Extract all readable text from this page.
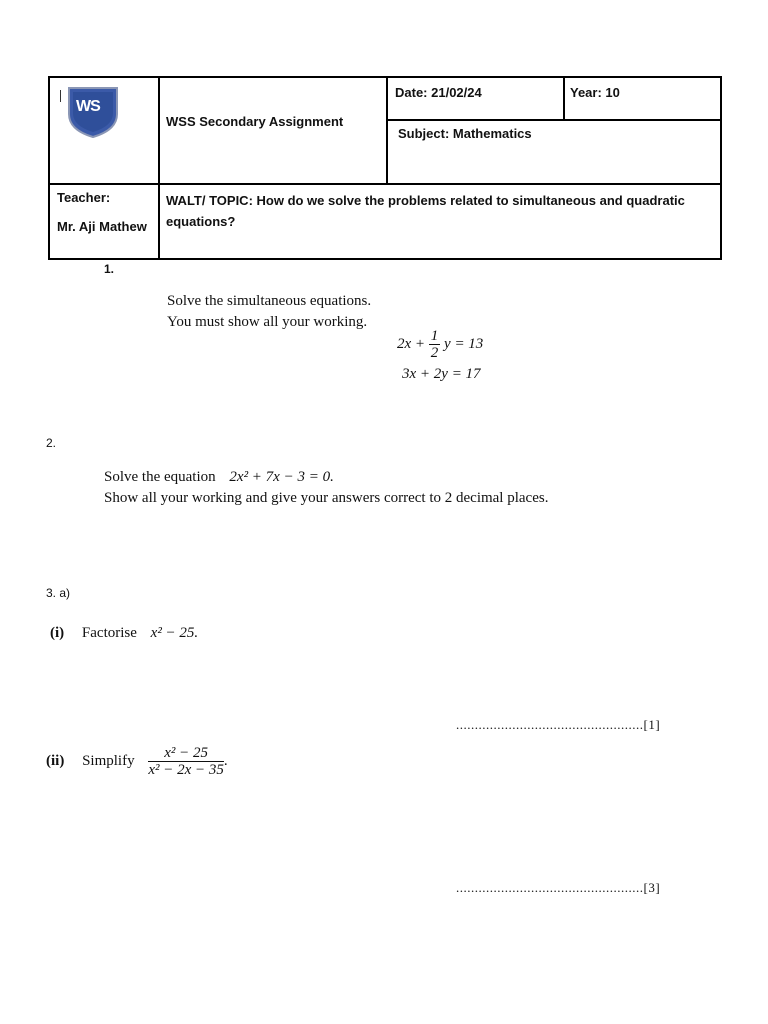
WS
WSS Secondary Assignment
Date: 21/02/24	Year: 10
Subject: Mathematics
Teacher:
Mr. Aji Mathew
WALT/ TOPIC: How do we solve the problems related to simultaneous and quadratic equations?
1.
Solve the simultaneous equations.
You must show all your working.
$2x + \frac{1}{2}$ y = 13
3x + 2y = 17
2.
Solve the equation 2x² + 7x − 3 = 0.
Show all your working and give your answers correct to 2 decimal places.
3. a)
(i) Factorise x² − 25.
..................................................[1]
(ii) Simplify $\frac{\text{x² − 25}}{\text{x² − 2x − 35}}$ .
..................................................[3]
